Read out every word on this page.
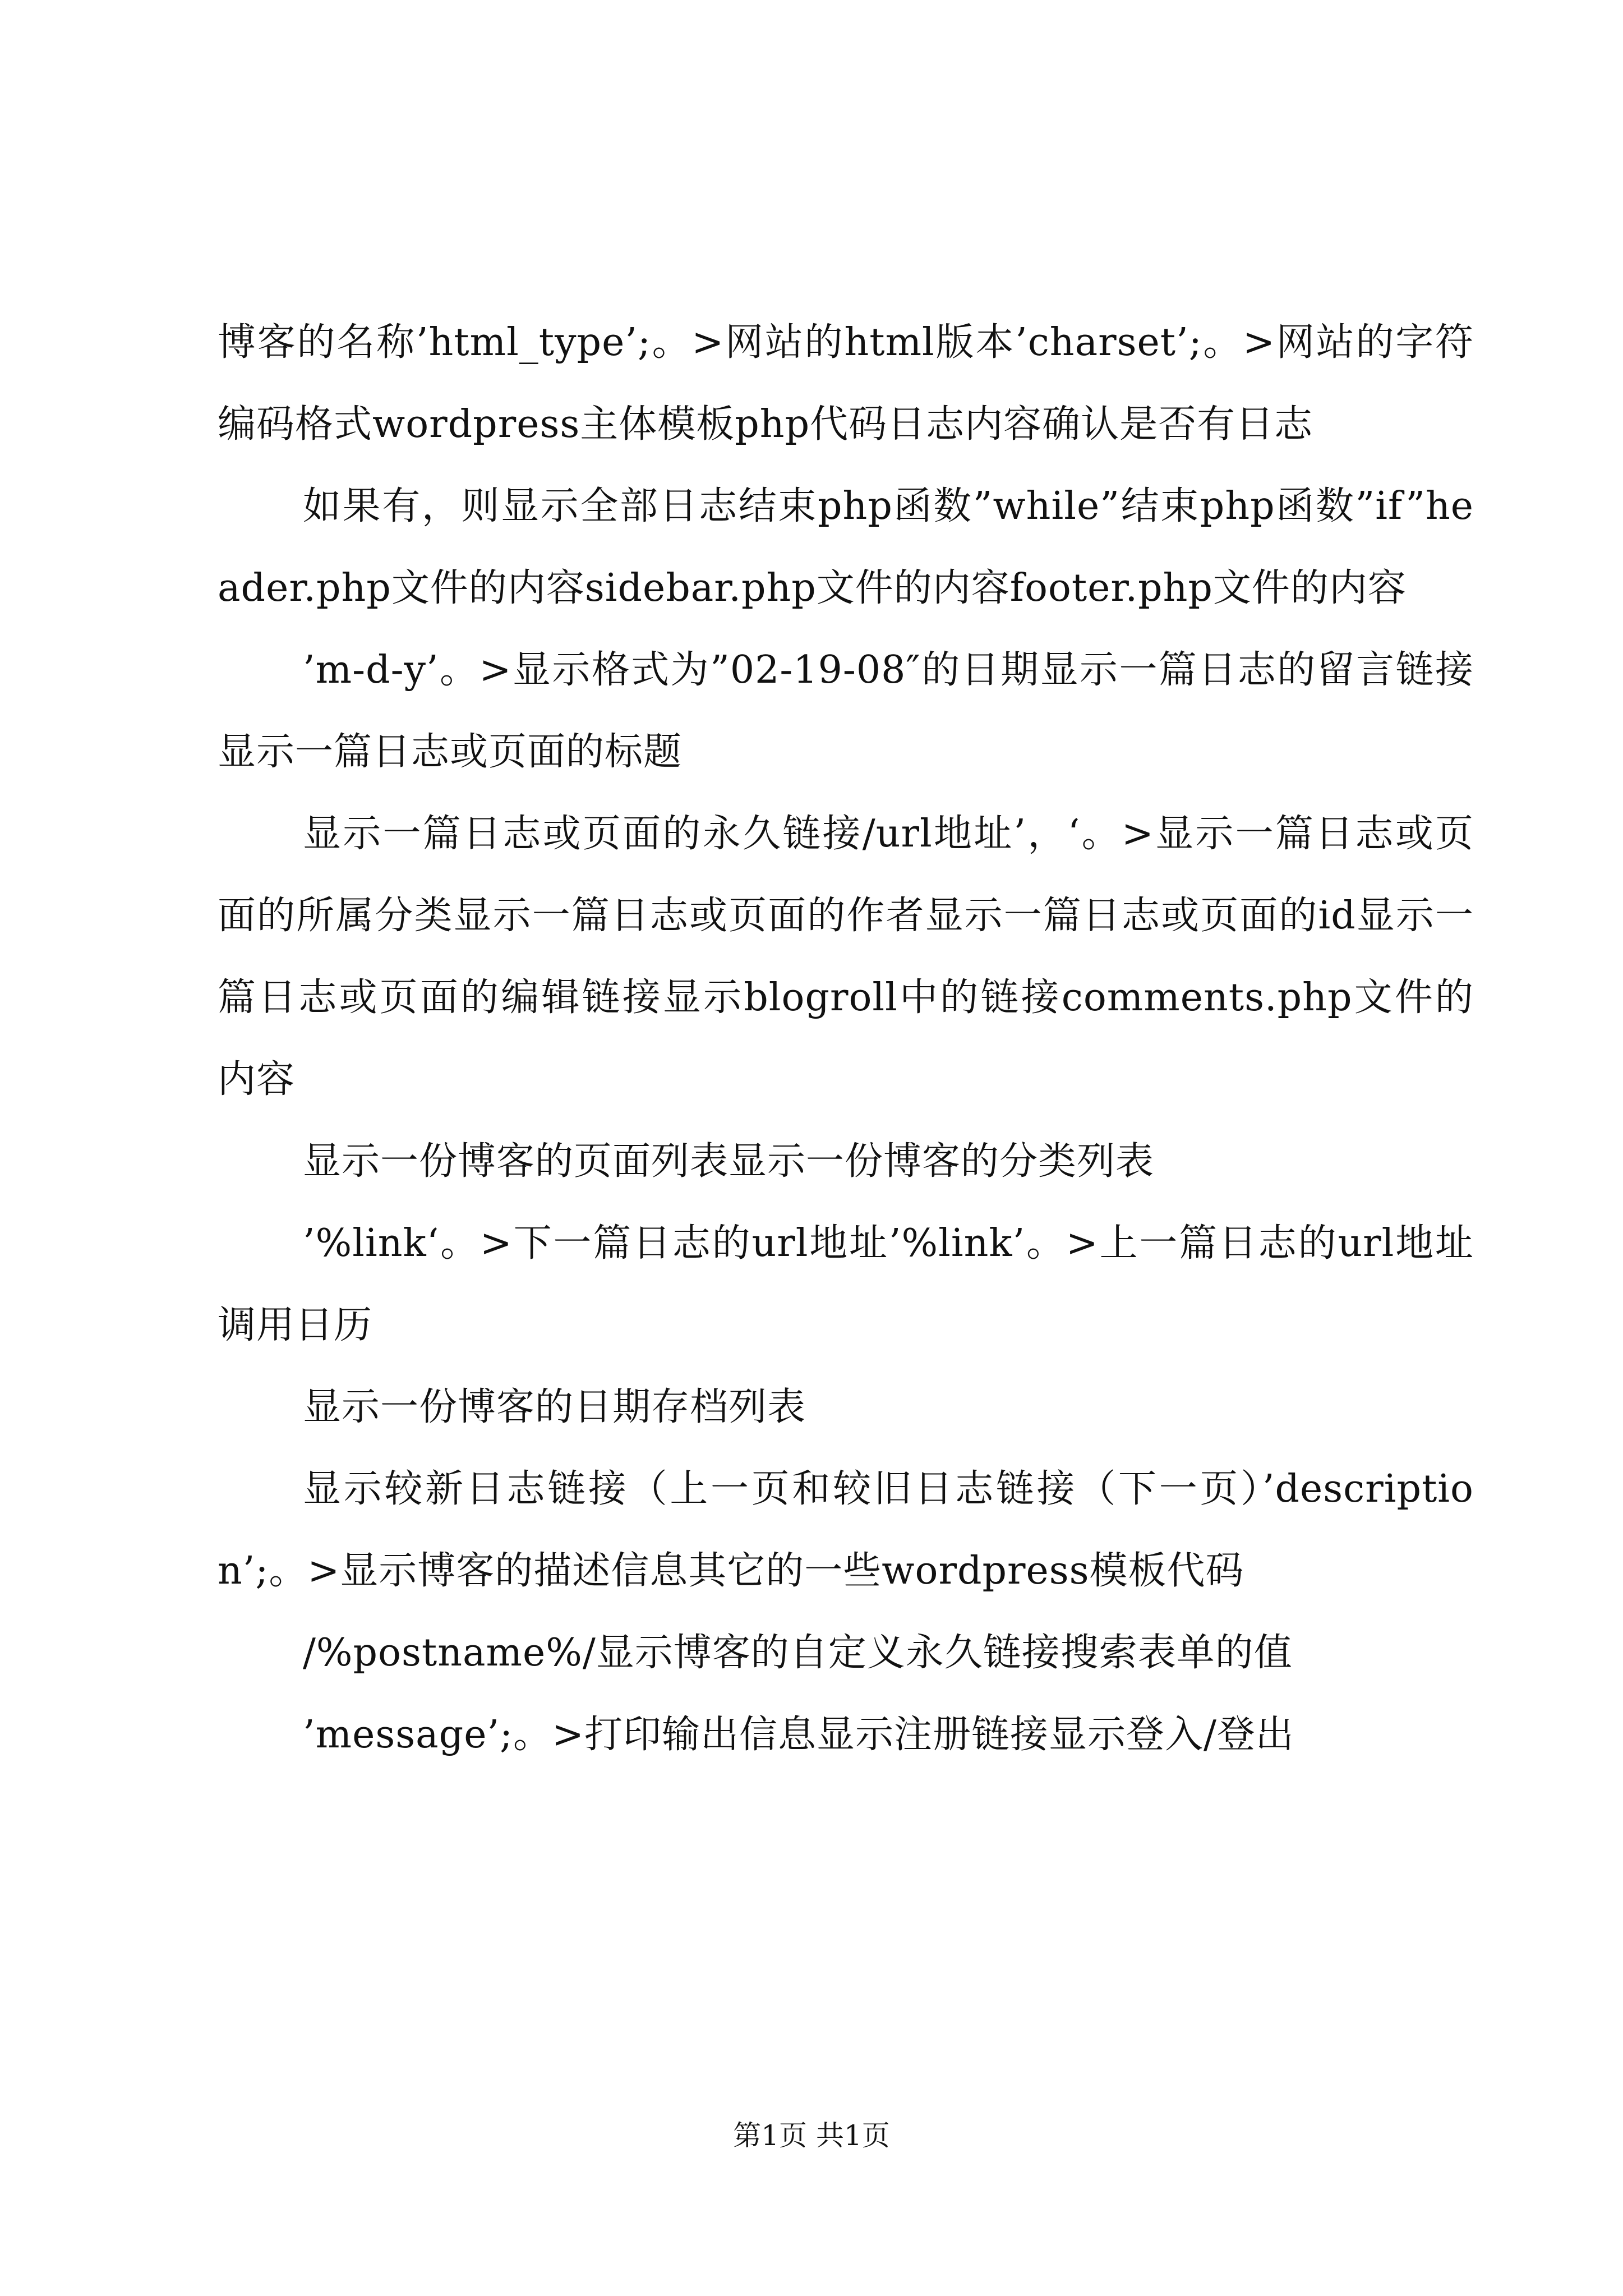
博客的名称’html_type’;。>网站的html版本’charset’;。>网站的字符编码格式wordpress主体模板php代码日志内容确认是否有日志

如果有，则显示全部日志结束php函数”while”结束php函数”if”header.php文件的内容sidebar.php文件的内容footer.php文件的内容

’m-d-y’。>显示格式为”02-19-08″的日期显示一篇日志的留言链接显示一篇日志或页面的标题

显示一篇日志或页面的永久链接/url地址’，‘。>显示一篇日志或页面的所属分类显示一篇日志或页面的作者显示一篇日志或页面的id显示一篇日志或页面的编辑链接显示blogroll中的链接comments.php文件的内容

显示一份博客的页面列表显示一份博客的分类列表

’%link‘。>下一篇日志的url地址’%link’。>上一篇日志的url地址调用日历

显示一份博客的日期存档列表

显示较新日志链接（上一页和较旧日志链接（下一页）’description’;。>显示博客的描述信息其它的一些wordpress模板代码

/%postname%/显示博客的自定义永久链接搜索表单的值

’message’;。>打印输出信息显示注册链接显示登入/登出

第1页 共1页
